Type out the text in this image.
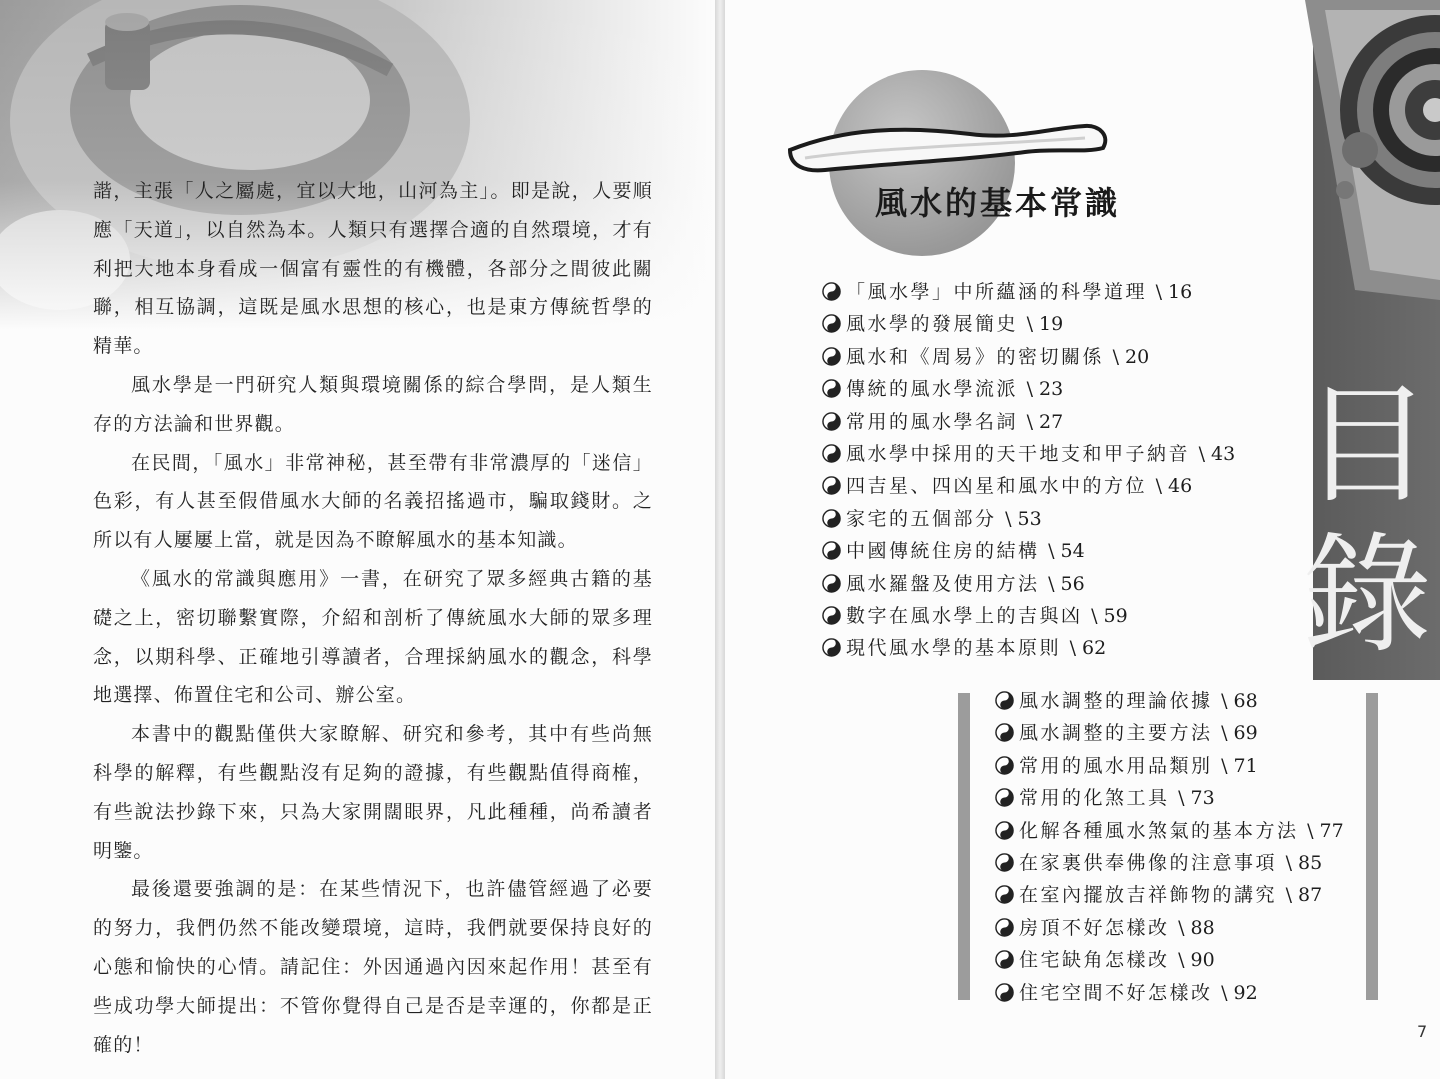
諧，主張「人之屬處，宜以大地，山河為主」。即是說，人要順應「天道」，以自然為本。人類只有選擇合適的自然環境，才有利把大地本身看成一個富有靈性的有機體，各部分之間彼此關聯，相互協調，這既是風水思想的核心，也是東方傳統哲學的精華。

風水學是一門研究人類與環境關係的綜合學問，是人類生存的方法論和世界觀。

在民間，「風水」非常神秘，甚至帶有非常濃厚的「迷信」色彩，有人甚至假借風水大師的名義招搖過市，騙取錢財。之所以有人屢屢上當，就是因為不瞭解風水的基本知識。

《風水的常識與應用》一書，在研究了眾多經典古籍的基礎之上，密切聯繫實際，介紹和剖析了傳統風水大師的眾多理念，以期科學、正確地引導讀者，合理採納風水的觀念，科學地選擇、佈置住宅和公司、辦公室。

本書中的觀點僅供大家瞭解、研究和參考，其中有些尚無科學的解釋，有些觀點沒有足夠的證據，有些觀點值得商榷，有些說法抄錄下來，只為大家開闊眼界，凡此種種，尚希讀者明鑒。

最後還要強調的是：在某些情況下，也許儘管經過了必要的努力，我們仍然不能改變環境，這時，我們就要保持良好的心態和愉快的心情。請記住：外因通過內因來起作用！甚至有些成功學大師提出：不管你覺得自己是否是幸運的，你都是正確的！

目
錄
風水的基本常識
「風水學」中所蘊涵的科學道理 \ 16
風水學的發展簡史 \ 19
風水和《周易》的密切關係 \ 20
傳統的風水學流派 \ 23
常用的風水學名詞 \ 27
風水學中採用的天干地支和甲子納音 \ 43
四吉星、四凶星和風水中的方位 \ 46
家宅的五個部分 \ 53
中國傳統住房的結構 \ 54
風水羅盤及使用方法 \ 56
數字在風水學上的吉與凶 \ 59
現代風水學的基本原則 \ 62
風水調整的理論依據 \ 68
風水調整的主要方法 \ 69
常用的風水用品類別 \ 71
常用的化煞工具 \ 73
化解各種風水煞氣的基本方法 \ 77
在家裏供奉佛像的注意事項 \ 85
在室內擺放吉祥飾物的講究 \ 87
房頂不好怎樣改 \ 88
住宅缺角怎樣改 \ 90
住宅空間不好怎樣改 \ 92
7
